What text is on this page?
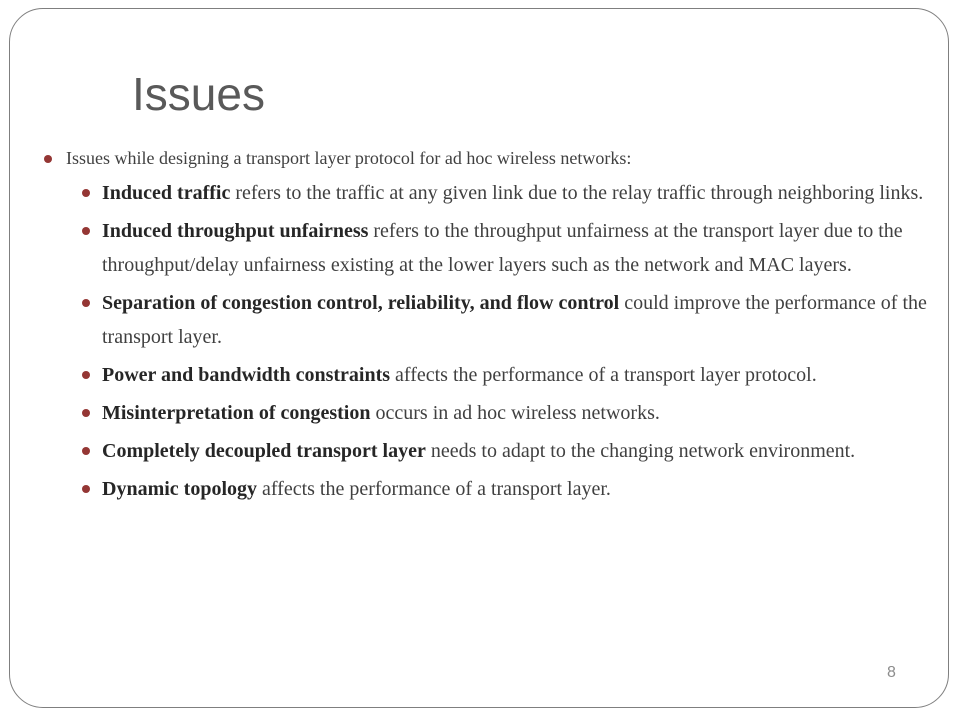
Issues
Issues while designing a transport layer protocol for ad hoc wireless networks:
Induced traffic refers to the traffic at any given link due to the relay traffic through neighboring links.
Induced throughput unfairness refers to the throughput unfairness at the transport layer due to the throughput/delay unfairness existing at the lower layers such as the network and MAC layers.
Separation of congestion control, reliability, and flow control could improve the performance of the transport layer.
Power and bandwidth constraints affects the performance of a transport layer protocol.
Misinterpretation of congestion occurs in ad hoc wireless networks.
Completely decoupled transport layer needs to adapt to the changing network environment.
Dynamic topology affects the performance of a transport layer.
8
